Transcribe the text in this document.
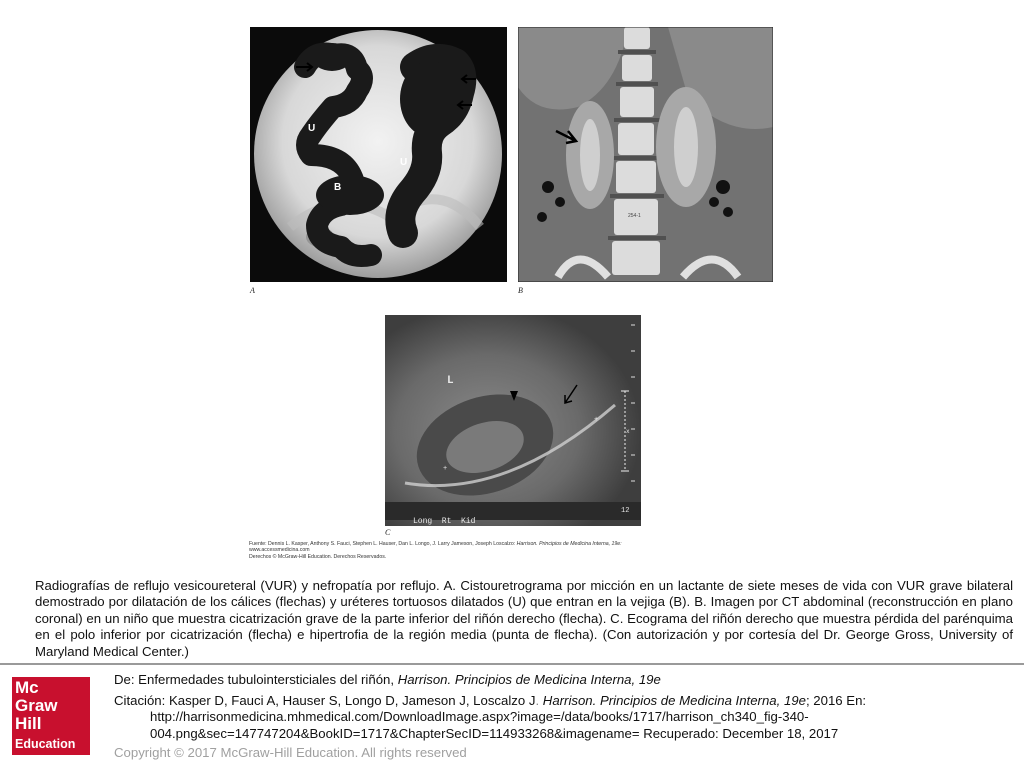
U
U
B
A
254-1
B
L
+
+
x
Long  Rt  Kid
12
C
Fuente: Dennis L. Kasper, Anthony S. Fauci, Stephen L. Hauser, Dan L. Longo, J. Larry Jameson, Joseph Loscalzo: Harrison. Principios de Medicina Interna, 19e:
www.accessmedicina.com
Derechos © McGraw-Hill Education. Derechos Reservados.
Radiografías de reflujo vesicoureteral (VUR) y nefropatía por reflujo. A. Cistouretrograma por micción en un lactante de siete meses de vida con VUR grave bilateral demostrado por dilatación de los cálices (flechas) y uréteres tortuosos dilatados (U) que entran en la vejiga (B). B. Imagen por CT abdominal (reconstrucción en plano coronal) en un niño que muestra cicatrización grave de la parte inferior del riñón derecho (flecha). C. Ecograma del riñón derecho que muestra pérdida del parénquima en el polo inferior por cicatrización (flecha) e hipertrofia de la región media (punta de flecha). (Con autorización y por cortesía del Dr. George Gross, University of Maryland Medical Center.)
Mc
Graw
Hill
Education
De: Enfermedades tubulointersticiales del riñón, Harrison. Principios de Medicina Interna, 19e
Citación: Kasper D, Fauci A, Hauser S, Longo D, Jameson J, Loscalzo J. Harrison. Principios de Medicina Interna, 19e; 2016 En:
http://harrisonmedicina.mhmedical.com/DownloadImage.aspx?image=/data/books/1717/harrison_ch340_fig-340-
004.png&sec=147747204&BookID=1717&ChapterSecID=114933268&imagename= Recuperado: December 18, 2017
Copyright © 2017 McGraw-Hill Education. All rights reserved
